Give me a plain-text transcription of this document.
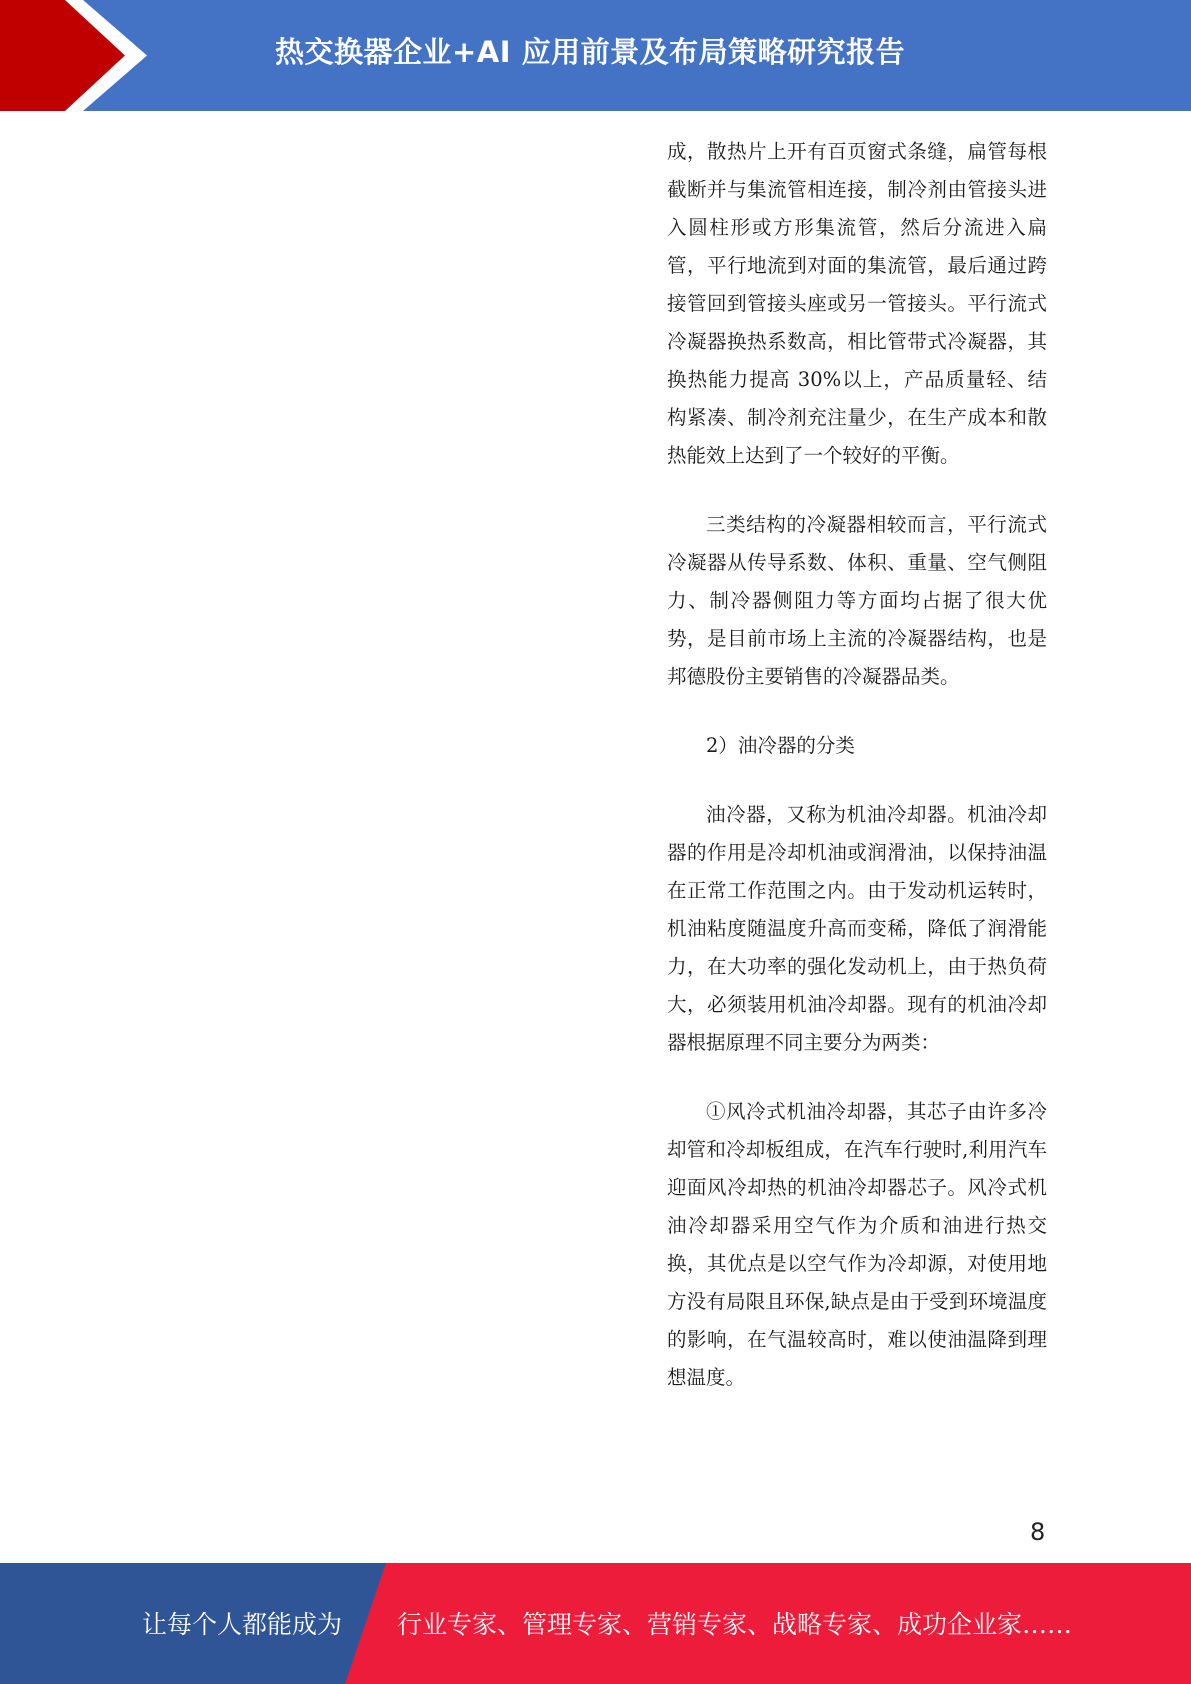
热交换器企业+AI 应用前景及布局策略研究报告

成，散热片上开有百页窗式条缝，扁管每根截断并与集流管相连接，制冷剂由管接头进入圆柱形或方形集流管，然后分流进入扁管，平行地流到对面的集流管，最后通过跨接管回到管接头座或另一管接头。平行流式冷凝器换热系数高，相比管带式冷凝器，其换热能力提高 30%以上，产品质量轻、结构紧凑、制冷剂充注量少，在生产成本和散热能效上达到了一个较好的平衡。

三类结构的冷凝器相较而言，平行流式冷凝器从传导系数、体积、重量、空气侧阻力、制冷器侧阻力等方面均占据了很大优势，是目前市场上主流的冷凝器结构，也是邦德股份主要销售的冷凝器品类。

2）油冷器的分类

油冷器，又称为机油冷却器。机油冷却器的作用是冷却机油或润滑油，以保持油温在正常工作范围之内。由于发动机运转时，机油粘度随温度升高而变稀，降低了润滑能力，在大功率的强化发动机上，由于热负荷大，必须装用机油冷却器。现有的机油冷却器根据原理不同主要分为两类：

①风冷式机油冷却器，其芯子由许多冷却管和冷却板组成，在汽车行驶时,利用汽车迎面风冷却热的机油冷却器芯子。风冷式机油冷却器采用空气作为介质和油进行热交换，其优点是以空气作为冷却源，对使用地方没有局限且环保,缺点是由于受到环境温度的影响，在气温较高时，难以使油温降到理想温度。

8
让每个人都能成为 行业专家、管理专家、营销专家、战略专家、成功企业家……
